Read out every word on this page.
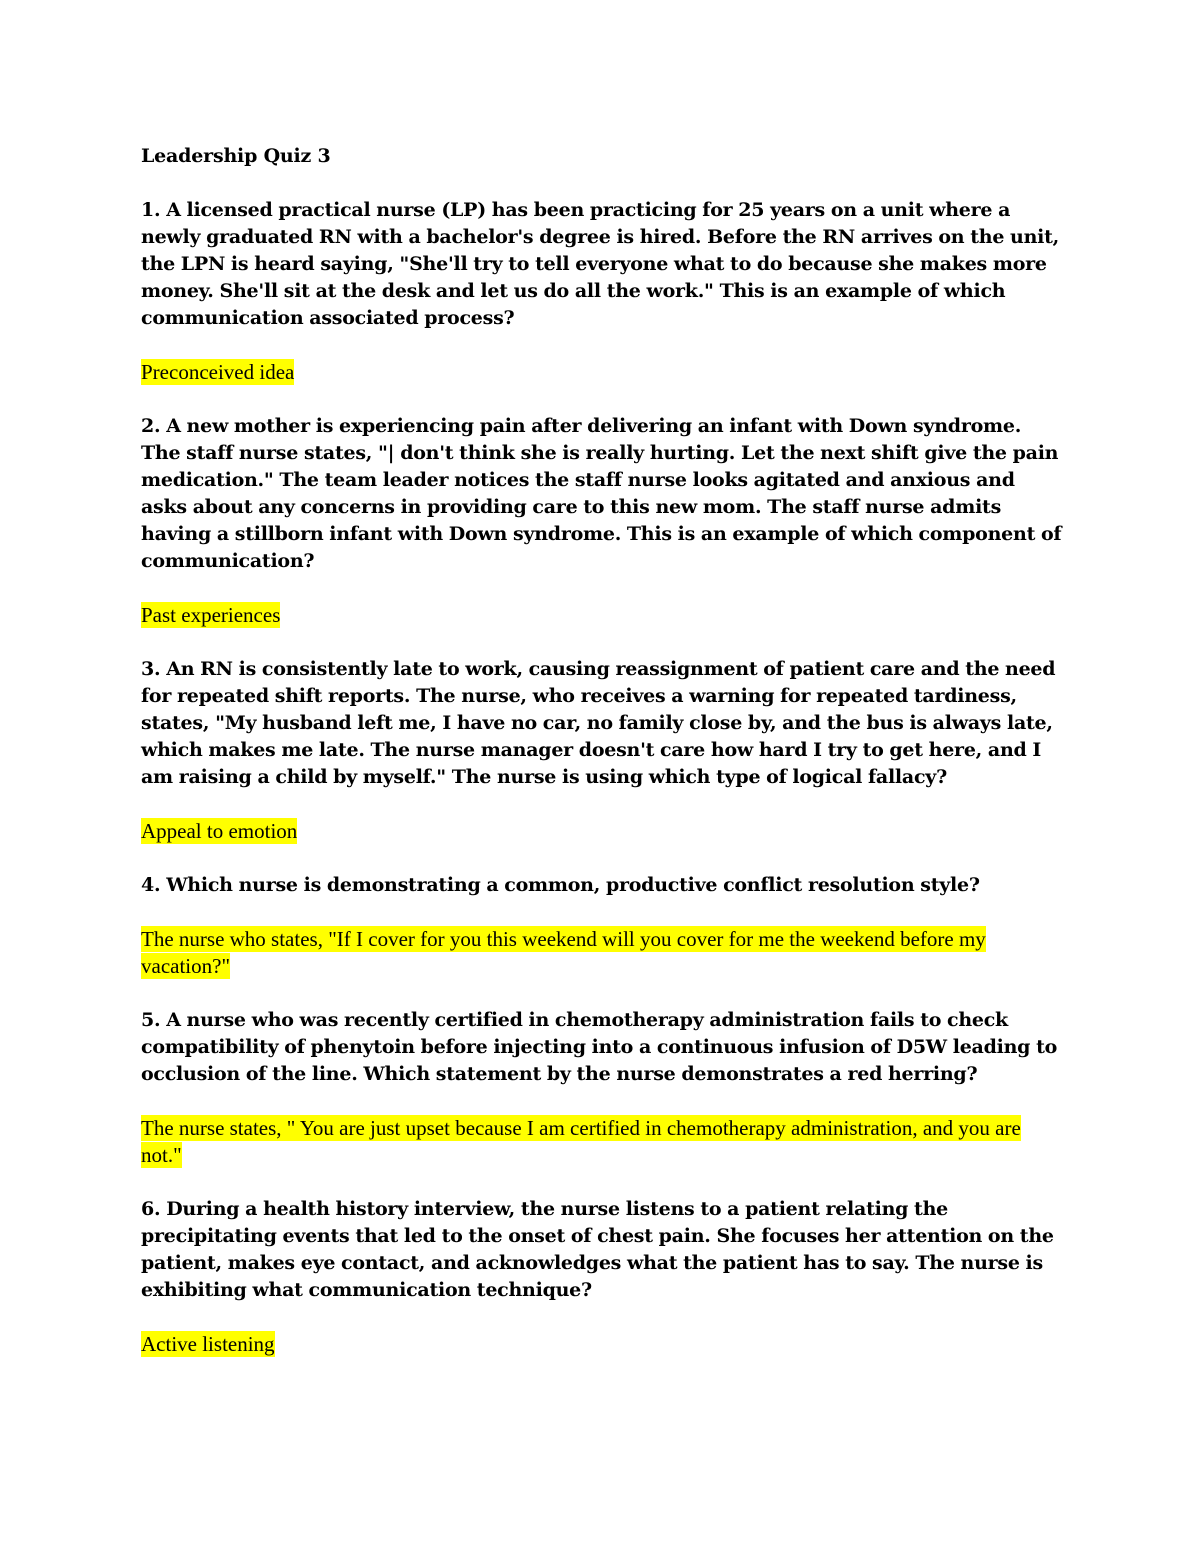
Leadership Quiz 3

1. A licensed practical nurse (LP) has been practicing for 25 years on a unit where a newly graduated RN with a bachelor's degree is hired. Before the RN arrives on the unit, the LPN is heard saying, "She'll try to tell everyone what to do because she makes more money. She'll sit at the desk and let us do all the work." This is an example of which communication associated process?

Preconceived idea

2. A new mother is experiencing pain after delivering an infant with Down syndrome. The staff nurse states, "| don't think she is really hurting. Let the next shift give the pain medication." The team leader notices the staff nurse looks agitated and anxious and asks about any concerns in providing care to this new mom. The staff nurse admits having a stillborn infant with Down syndrome. This is an example of which component of communication?

Past experiences

3. An RN is consistently late to work, causing reassignment of patient care and the need for repeated shift reports. The nurse, who receives a warning for repeated tardiness, states, "My husband left me, I have no car, no family close by, and the bus is always late, which makes me late. The nurse manager doesn't care how hard I try to get here, and I am raising a child by myself." The nurse is using which type of logical fallacy?

Appeal to emotion

4. Which nurse is demonstrating a common, productive conflict resolution style?

The nurse who states, "If I cover for you this weekend will you cover for me the weekend before my vacation?"

5. A nurse who was recently certified in chemotherapy administration fails to check compatibility of phenytoin before injecting into a continuous infusion of D5W leading to occlusion of the line. Which statement by the nurse demonstrates a red herring?

The nurse states, " You are just upset because I am certified in chemotherapy administration, and you are not."

6. During a health history interview, the nurse listens to a patient relating the precipitating events that led to the onset of chest pain. She focuses her attention on the patient, makes eye contact, and acknowledges what the patient has to say. The nurse is exhibiting what communication technique?

Active listening
